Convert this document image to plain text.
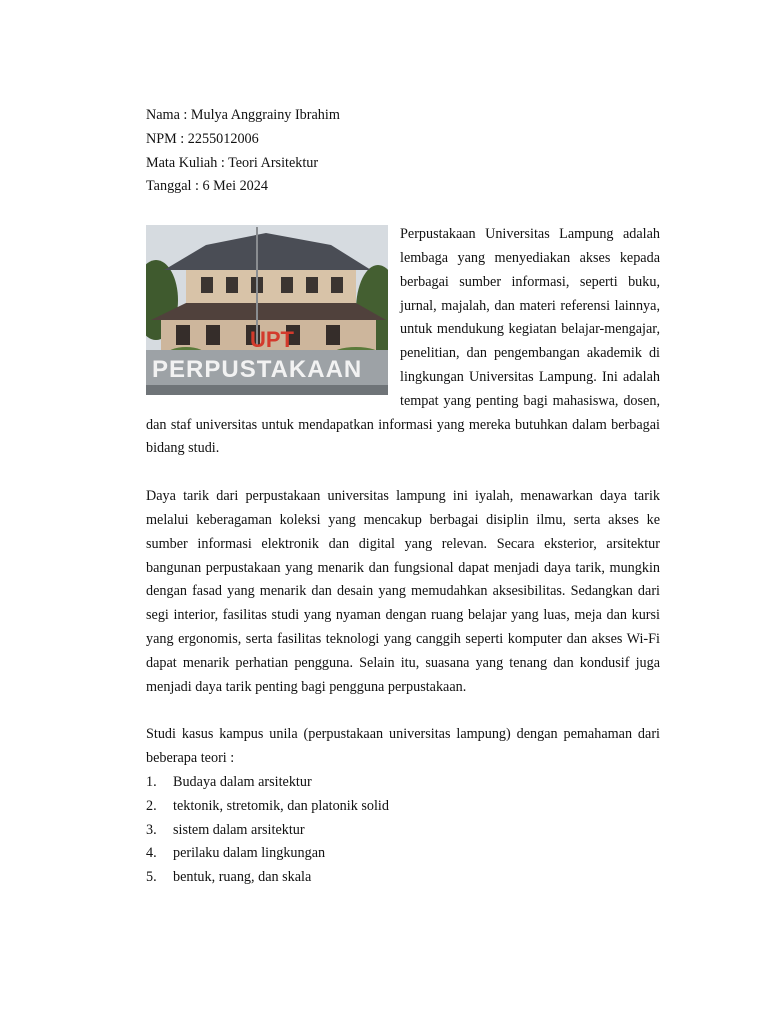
Nama : Mulya Anggrainy Ibrahim
NPM : 2255012006
Mata Kuliah : Teori Arsitektur
Tanggal : 6 Mei 2024
UPT
PERPUSTAKAAN

Perpustakaan Universitas Lampung adalah lembaga yang menyediakan akses kepada berbagai sumber informasi, seperti buku, jurnal, majalah, dan materi referensi lainnya, untuk mendukung kegiatan belajar-mengajar, penelitian, dan pengembangan akademik di lingkungan Universitas Lampung. Ini adalah tempat yang penting bagi mahasiswa, dosen, dan staf universitas untuk mendapatkan informasi yang mereka butuhkan dalam berbagai bidang studi.

Daya tarik dari perpustakaan universitas lampung ini iyalah, menawarkan daya tarik melalui keberagaman koleksi yang mencakup berbagai disiplin ilmu, serta akses ke sumber informasi elektronik dan digital yang relevan. Secara eksterior, arsitektur bangunan perpustakaan yang menarik dan fungsional dapat menjadi daya tarik, mungkin dengan fasad yang menarik dan desain yang memudahkan aksesibilitas. Sedangkan dari segi interior, fasilitas studi yang nyaman dengan ruang belajar yang luas, meja dan kursi yang ergonomis, serta fasilitas teknologi yang canggih seperti komputer dan akses Wi-Fi dapat menarik perhatian pengguna. Selain itu, suasana yang tenang dan kondusif juga menjadi daya tarik penting bagi pengguna perpustakaan.

Studi kasus kampus unila (perpustakaan universitas lampung) dengan pemahaman dari beberapa teori :

1.	Budaya dalam arsitektur
2.	tektonik, stretomik, dan platonik solid
3.	sistem dalam arsitektur
4.	perilaku dalam lingkungan
5.	bentuk, ruang, dan skala
